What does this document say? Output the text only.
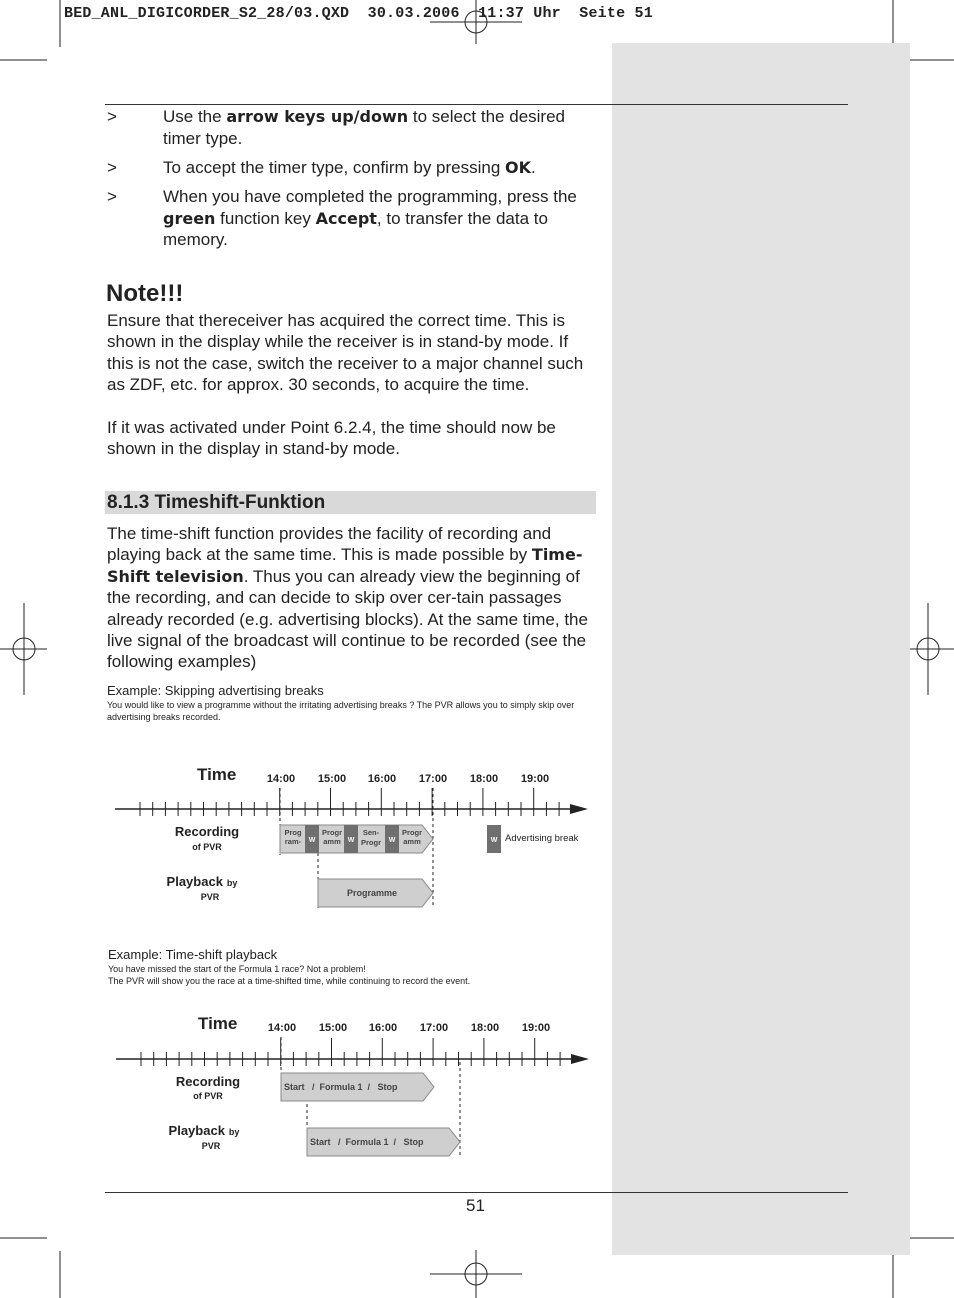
BED_ANL_DIGICORDER_S2_28/03.QXD  30.03.2006  11:37 Uhr  Seite 51
>	Use the arrow keys up/down to select the desired timer type.
>	To accept the timer type, confirm by pressing OK.
>	When you have completed the programming, press the green function key Accept, to transfer the data to memory.
Note!!!
Ensure that thereceiver has acquired the correct time. This is shown in the display while the receiver is in stand-by mode. If this is not the case, switch the receiver to a major channel such as ZDF, etc. for approx. 30 seconds, to acquire the time.
If it was activated under Point 6.2.4, the time should now be shown in the display in stand-by mode.
8.1.3 Timeshift-Funktion
The time-shift function provides the facility of recording and playing back at the same time. This is made possible by Time-Shift television. Thus you can already view the beginning of the recording, and can decide to skip over cer-tain passages already recorded (e.g. advertising blocks). At the same time, the live signal of the broadcast will continue to be recorded (see the following examples)
Example: Skipping advertising breaks
You would like to view a programme without the irritating advertising breaks ? The PVR allows you to simply skip over advertising breaks recorded.
Time	14:00 15:00 16:00 17:00 18:00 19:00
Recording
of PVR
Playback by
PVR
Prog
ram- W
Progr
amm W
Sen-
Progr W
Progr
amm	W Advertising break
Programme
Example: Time-shift playback
You have missed the start of the Formula 1 race? Not a problem!
The PVR will show you the race at a time-shifted time, while continuing to record the event.
Time	14:00 15:00 16:00 17:00 18:00 19:00
Recording
of PVR
Playback by
PVR
Start   /  Formula 1  /   Stop
Start   /  Formula 1  /   Stop
51
